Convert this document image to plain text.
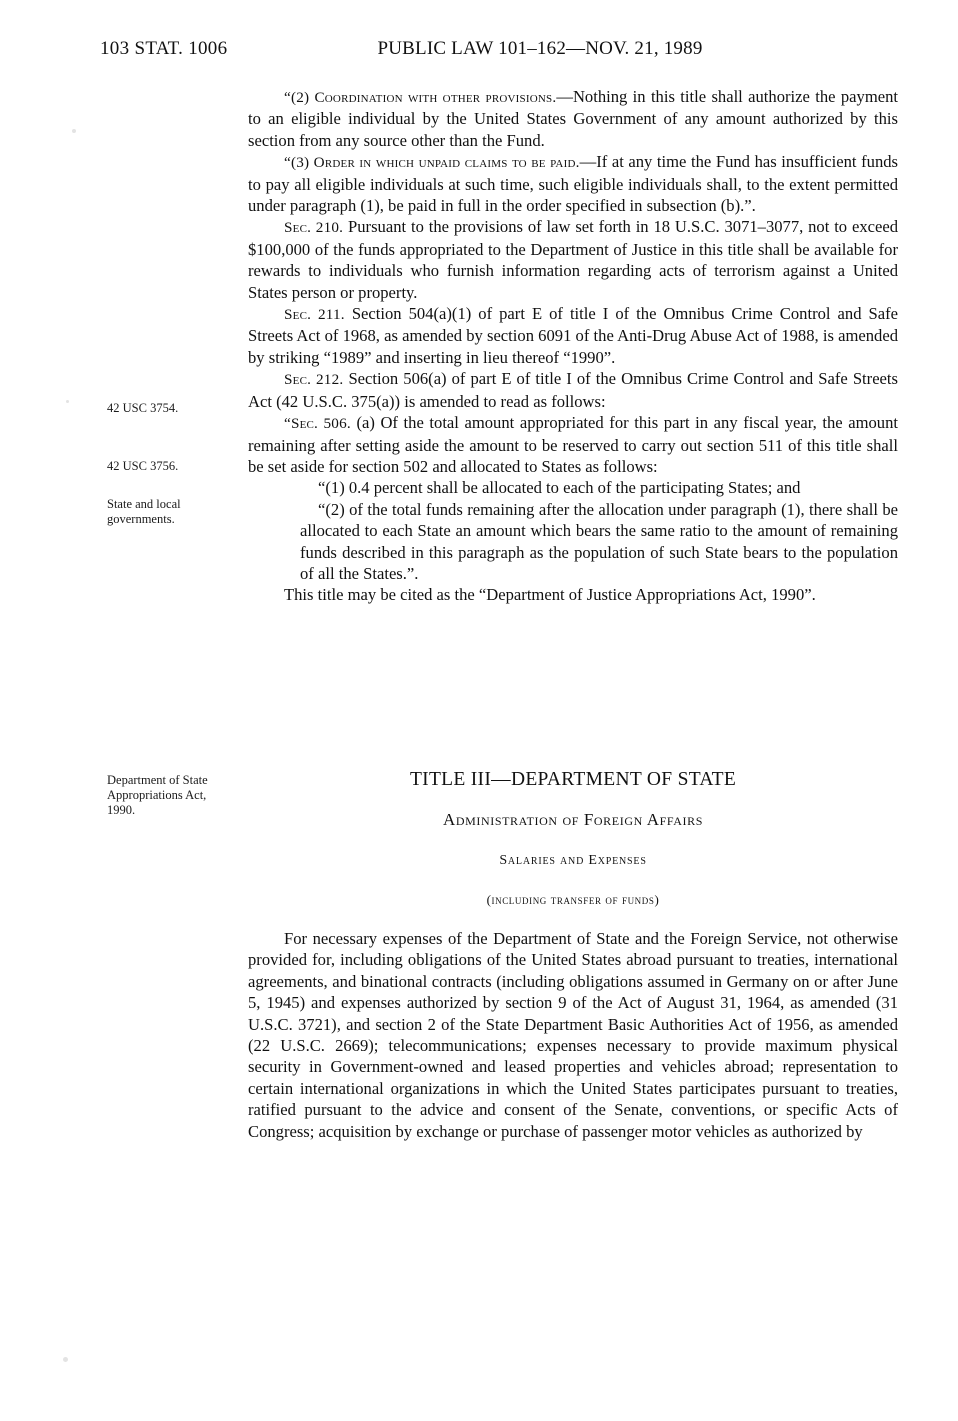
103 STAT. 1006	PUBLIC LAW 101–162—NOV. 21, 1989
42 USC 3754.
42 USC 3756.
State and local governments.
Department of State Appropriations Act, 1990.

“(2) Coordination with other provisions.—Nothing in this title shall authorize the payment to an eligible individual by the United States Government of any amount authorized by this section from any source other than the Fund.

“(3) Order in which unpaid claims to be paid.—If at any time the Fund has insufficient funds to pay all eligible individuals at such time, such eligible individuals shall, to the extent permitted under paragraph (1), be paid in full in the order specified in subsection (b).”.

Sec. 210. Pursuant to the provisions of law set forth in 18 U.S.C. 3071–3077, not to exceed $100,000 of the funds appropriated to the Department of Justice in this title shall be available for rewards to individuals who furnish information regarding acts of terrorism against a United States person or property.

Sec. 211. Section 504(a)(1) of part E of title I of the Omnibus Crime Control and Safe Streets Act of 1968, as amended by section 6091 of the Anti-Drug Abuse Act of 1988, is amended by striking “1989” and inserting in lieu thereof “1990”.

Sec. 212. Section 506(a) of part E of title I of the Omnibus Crime Control and Safe Streets Act (42 U.S.C. 375(a)) is amended to read as follows:

“Sec. 506. (a) Of the total amount appropriated for this part in any fiscal year, the amount remaining after setting aside the amount to be reserved to carry out section 511 of this title shall be set aside for section 502 and allocated to States as follows:

“(1) 0.4 percent shall be allocated to each of the participating States; and

“(2) of the total funds remaining after the allocation under paragraph (1), there shall be allocated to each State an amount which bears the same ratio to the amount of remaining funds described in this paragraph as the population of such State bears to the population of all the States.”.

This title may be cited as the “Department of Justice Appropriations Act, 1990”.

TITLE III—DEPARTMENT OF STATE
Administration of Foreign Affairs
Salaries and Expenses
(including transfer of funds)

For necessary expenses of the Department of State and the Foreign Service, not otherwise provided for, including obligations of the United States abroad pursuant to treaties, international agreements, and binational contracts (including obligations assumed in Germany on or after June 5, 1945) and expenses authorized by section 9 of the Act of August 31, 1964, as amended (31 U.S.C. 3721), and section 2 of the State Department Basic Authorities Act of 1956, as amended (22 U.S.C. 2669); telecommunications; expenses necessary to provide maximum physical security in Government-owned and leased properties and vehicles abroad; representation to certain international organizations in which the United States participates pursuant to treaties, ratified pursuant to the advice and consent of the Senate, conventions, or specific Acts of Congress; acquisition by exchange or purchase of passenger motor vehicles as authorized by
